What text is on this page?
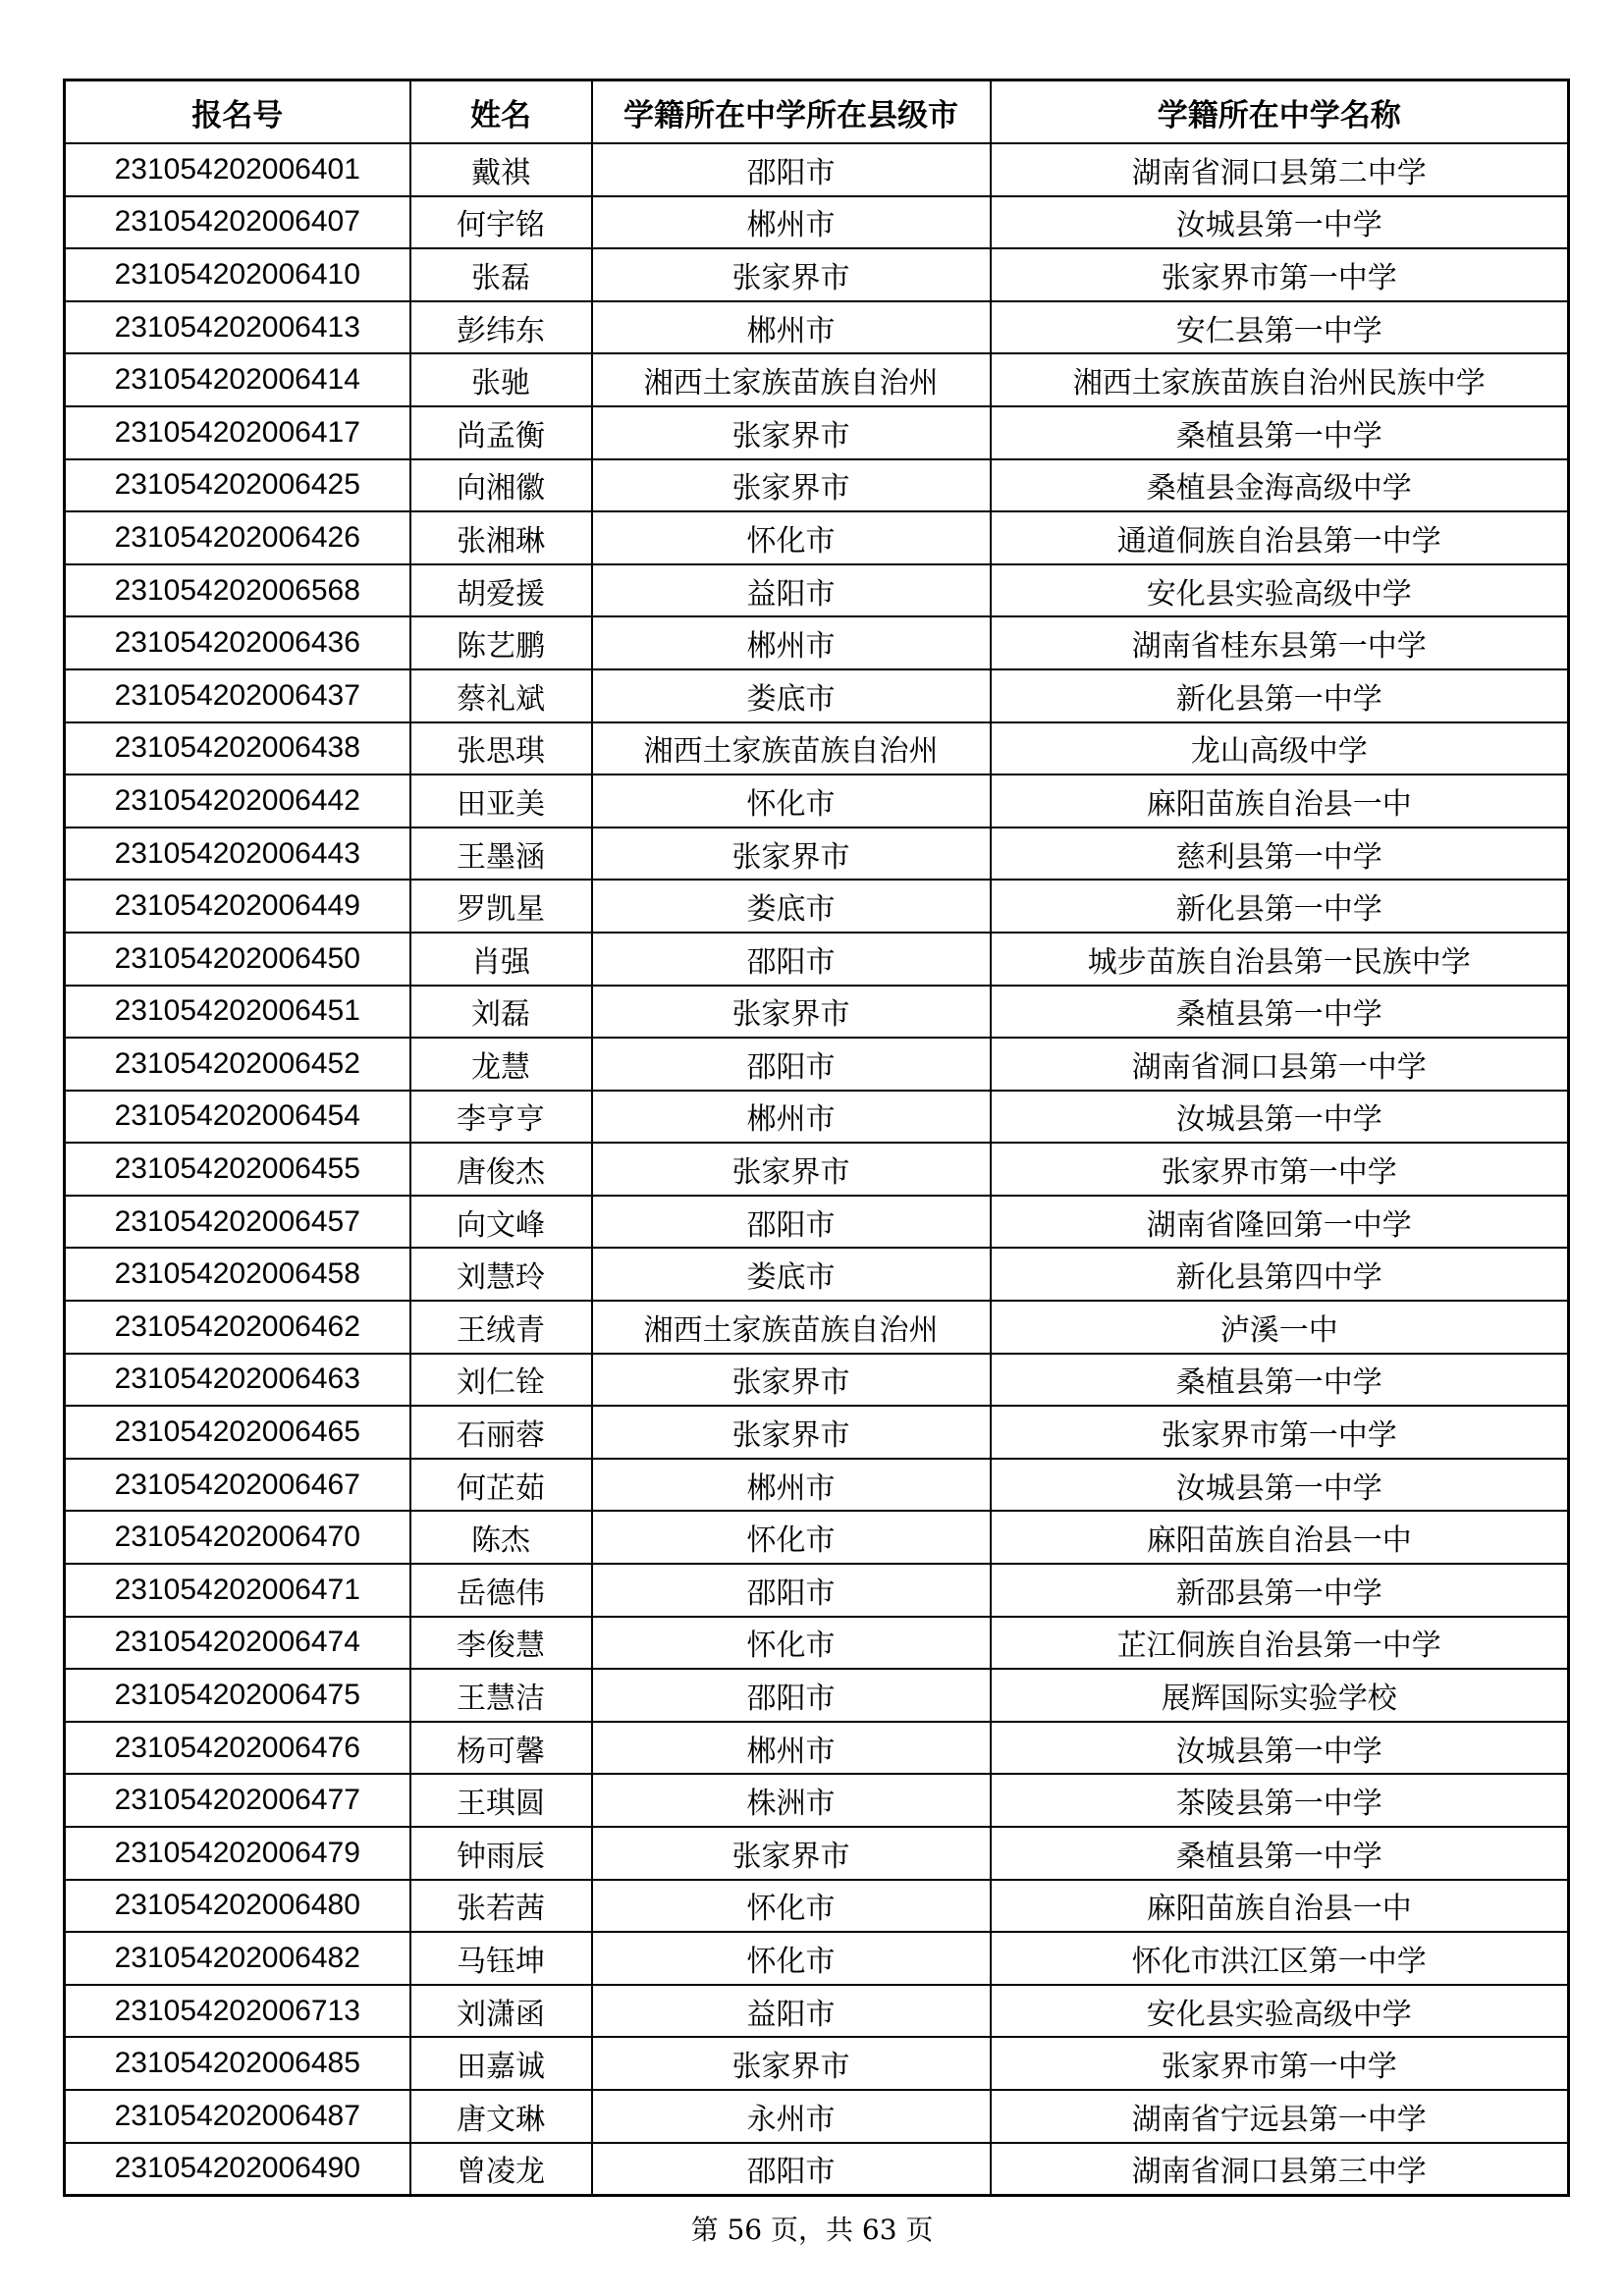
报名号	姓名	学籍所在中学所在县级市	学籍所在中学名称
231054202006401	戴祺	邵阳市	湖南省洞口县第二中学
231054202006407	何宇铭	郴州市	汝城县第一中学
231054202006410	张磊	张家界市	张家界市第一中学
231054202006413	彭纬东	郴州市	安仁县第一中学
231054202006414	张驰	湘西土家族苗族自治州	湘西土家族苗族自治州民族中学
231054202006417	尚孟衡	张家界市	桑植县第一中学
231054202006425	向湘徽	张家界市	桑植县金海高级中学
231054202006426	张湘琳	怀化市	通道侗族自治县第一中学
231054202006568	胡爱援	益阳市	安化县实验高级中学
231054202006436	陈艺鹏	郴州市	湖南省桂东县第一中学
231054202006437	蔡礼斌	娄底市	新化县第一中学
231054202006438	张思琪	湘西土家族苗族自治州	龙山高级中学
231054202006442	田亚美	怀化市	麻阳苗族自治县一中
231054202006443	王墨涵	张家界市	慈利县第一中学
231054202006449	罗凯星	娄底市	新化县第一中学
231054202006450	肖强	邵阳市	城步苗族自治县第一民族中学
231054202006451	刘磊	张家界市	桑植县第一中学
231054202006452	龙慧	邵阳市	湖南省洞口县第一中学
231054202006454	李亨亨	郴州市	汝城县第一中学
231054202006455	唐俊杰	张家界市	张家界市第一中学
231054202006457	向文峰	邵阳市	湖南省隆回第一中学
231054202006458	刘慧玲	娄底市	新化县第四中学
231054202006462	王绒青	湘西土家族苗族自治州	泸溪一中
231054202006463	刘仁铨	张家界市	桑植县第一中学
231054202006465	石丽蓉	张家界市	张家界市第一中学
231054202006467	何芷茹	郴州市	汝城县第一中学
231054202006470	陈杰	怀化市	麻阳苗族自治县一中
231054202006471	岳德伟	邵阳市	新邵县第一中学
231054202006474	李俊慧	怀化市	芷江侗族自治县第一中学
231054202006475	王慧洁	邵阳市	展辉国际实验学校
231054202006476	杨可馨	郴州市	汝城县第一中学
231054202006477	王琪圆	株洲市	茶陵县第一中学
231054202006479	钟雨辰	张家界市	桑植县第一中学
231054202006480	张若茜	怀化市	麻阳苗族自治县一中
231054202006482	马钰坤	怀化市	怀化市洪江区第一中学
231054202006713	刘潇函	益阳市	安化县实验高级中学
231054202006485	田嘉诚	张家界市	张家界市第一中学
231054202006487	唐文琳	永州市	湖南省宁远县第一中学
231054202006490	曾凌龙	邵阳市	湖南省洞口县第三中学
第 56 页，共 63 页
